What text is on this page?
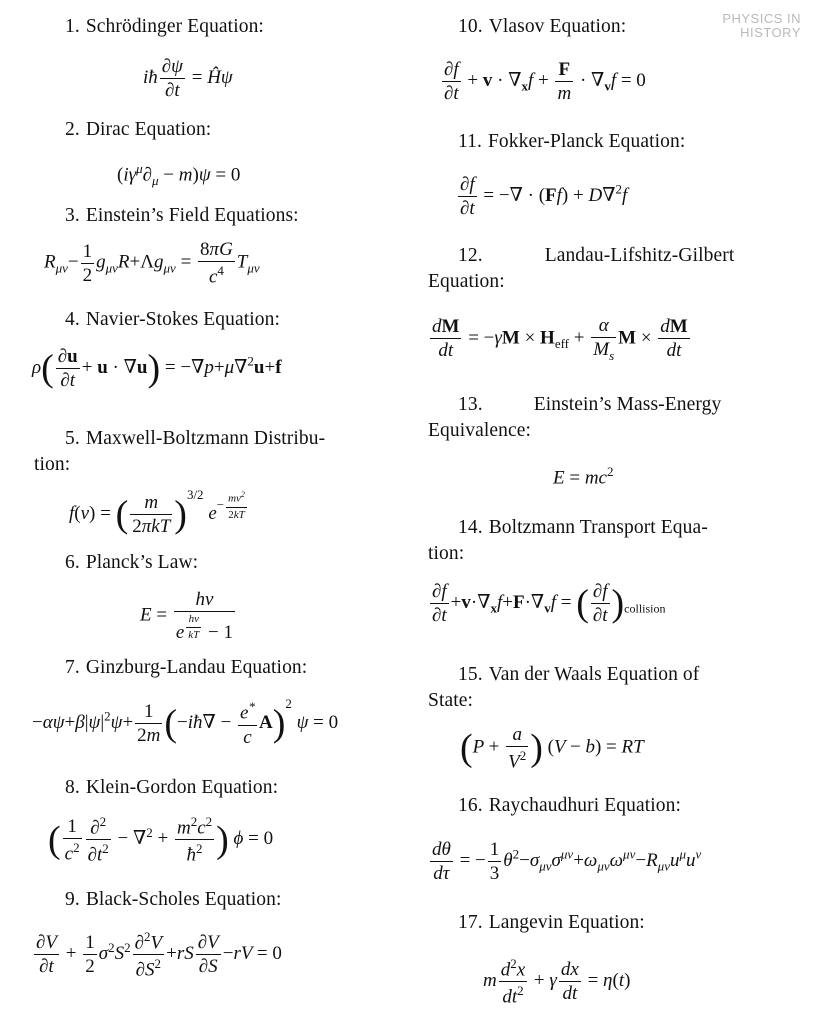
PHYSICS IN
HISTORY
1. Schrödinger Equation:
iħ $\frac{\partial\psi}{\partial t}$ = Ĥψ
2. Dirac Equation:
$(i\gamma^\mu\partial_\mu - m)\psi = 0$
3. Einstein’s Field Equations:
$R_{\mu\nu}- \frac{1}{2} g_{\mu\nu}R+\Lambda g_{\mu\nu} = \frac{8\pi G}{c^4} T_{\mu\nu}$
4. Navier-Stokes Equation:
$\rho( \frac{\partial u}{\partial t} + u \cdot \nabla u) = -\nabla p+\mu\nabla^2u+f$
5. Maxwell-Boltzmann Distribu-
tion:
f(v) = ( $\frac{m}{\text{2πkT}} )^{3/2}$ $e^{- \frac{mv^2}{2kT}}$
6. Planck’s Law:
E = hν
e $^{\frac{h\nu}{kT}}$ − 1
7. Ginzburg-Landau Equation:
$-\alpha\psi+\beta|\psi|^2\psi+ \frac{1}{2m}$ (−iħ∇ − $\frac{e^*}{c} A)^2$ ψ = 0
8. Klein-Gordon Equation:
( $\frac{1}{c^2} \frac{\partial^2}{\partial t^2} - \nabla^2 + \frac{m^2c^2}{ħ^2}$ ) ϕ = 0
9. Black-Scholes Equation:
$\frac{\partial V}{\partial t} + \frac{1}{2} \sigma^2S^2 \frac{\partial^2V}{\partial S^2} +rS \frac{\partial V}{\partial S} -rV = 0$
10. Vlasov Equation:
$\frac{\partial f}{\partial t} + v \cdot \nabla_xf + \frac{F}{m} \cdot \nabla_vf = 0$
11. Fokker-Planck Equation:
$\frac{\partial f}{\partial t}$ = −∇ · (Ff) + D∇$^2$f
12.	Landau-Lifshitz-Gilbert
Equation:
$\frac{dM}{dt} = -\gamma M \times H_{eff} + \frac{\alpha}{M_s}$ $M \times \frac{dM}{dt}$
13.	Einstein’s Mass-Energy
Equivalence:
$E = mc^2$
14. Boltzmann Transport Equa-
tion:
$\frac{\partial f}{\partial t} +v\cdot\nabla_xf+F\cdot\nabla_vf$ = ( $\frac{\partial f}{\partial t} )_{collision}$
15. Van der Waals Equation of
State:
($P + \frac{a}{V^2}$ ) (V − b) = RT
16. Raychaudhuri Equation:
$\frac{d\theta}{d\tau}$ = − $\frac{1}{3} \theta^2-\sigma_{\mu\nu}\sigma^{\mu\nu}+\omega_{\mu\nu}\omega^{\mu\nu}-R_{\mu\nu}u^\mu u^\nu$
17. Langevin Equation:
m $\frac{d^2x}{dt^2} + \gamma \frac{dx}{dt} = \eta(t)$
